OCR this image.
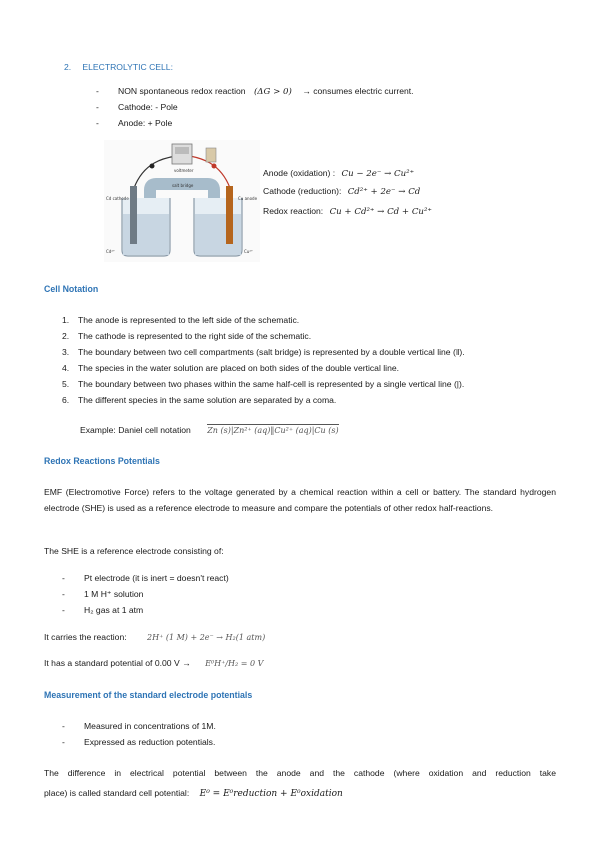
2. ELECTROLYTIC CELL:
- NON spontaneous redox reaction (ΔG > 0) → consumes electric current.
- Cathode: - Pole
- Anode: + Pole
salt bridge
Cd cathode	Cu anode
Cd²⁺	Cu²⁺
voltmeter	Anode (oxidation) : Cu − 2e⁻ → Cu²⁺
Cathode (reduction): Cd²⁺ + 2e⁻ → Cd
Redox reaction: Cu + Cd²⁺ → Cd + Cu²⁺
Cell Notation
1. The anode is represented to the left side of the schematic.
2. The cathode is represented to the right side of the schematic.
3. The boundary between two cell compartments (salt bridge) is represented by a double vertical line (‖).
4. The species in the water solution are placed on both sides of the double vertical line.
5. The boundary between two phases within the same half-cell is represented by a single vertical line (|).
6. The different species in the same solution are separated by a coma.
Example: Daniel cell notation Zn (s)|Zn²⁺ (aq)‖Cu²⁺ (aq)|Cu (s)
Redox Reactions Potentials
EMF (Electromotive Force) refers to the voltage generated by a chemical reaction within a cell or battery. The standard hydrogen electrode (SHE) is used as a reference electrode to measure and compare the potentials of other redox half-reactions.
The SHE is a reference electrode consisting of:
- Pt electrode (it is inert = doesn't react)
- 1 M H⁺ solution
- H₂ gas at 1 atm
It carries the reaction:	2H⁺ (1 M) + 2e⁻ → H₂(1 atm)
It has a standard potential of 0.00 V → E⁰H⁺/H₂ = 0 V
Measurement of the standard electrode potentials
- Measured in concentrations of 1M.
- Expressed as reduction potentials.
The difference in electrical potential between the anode and the cathode (where oxidation and reduction take
place) is called standard cell potential: E⁰ = E⁰reduction + E⁰oxidation
